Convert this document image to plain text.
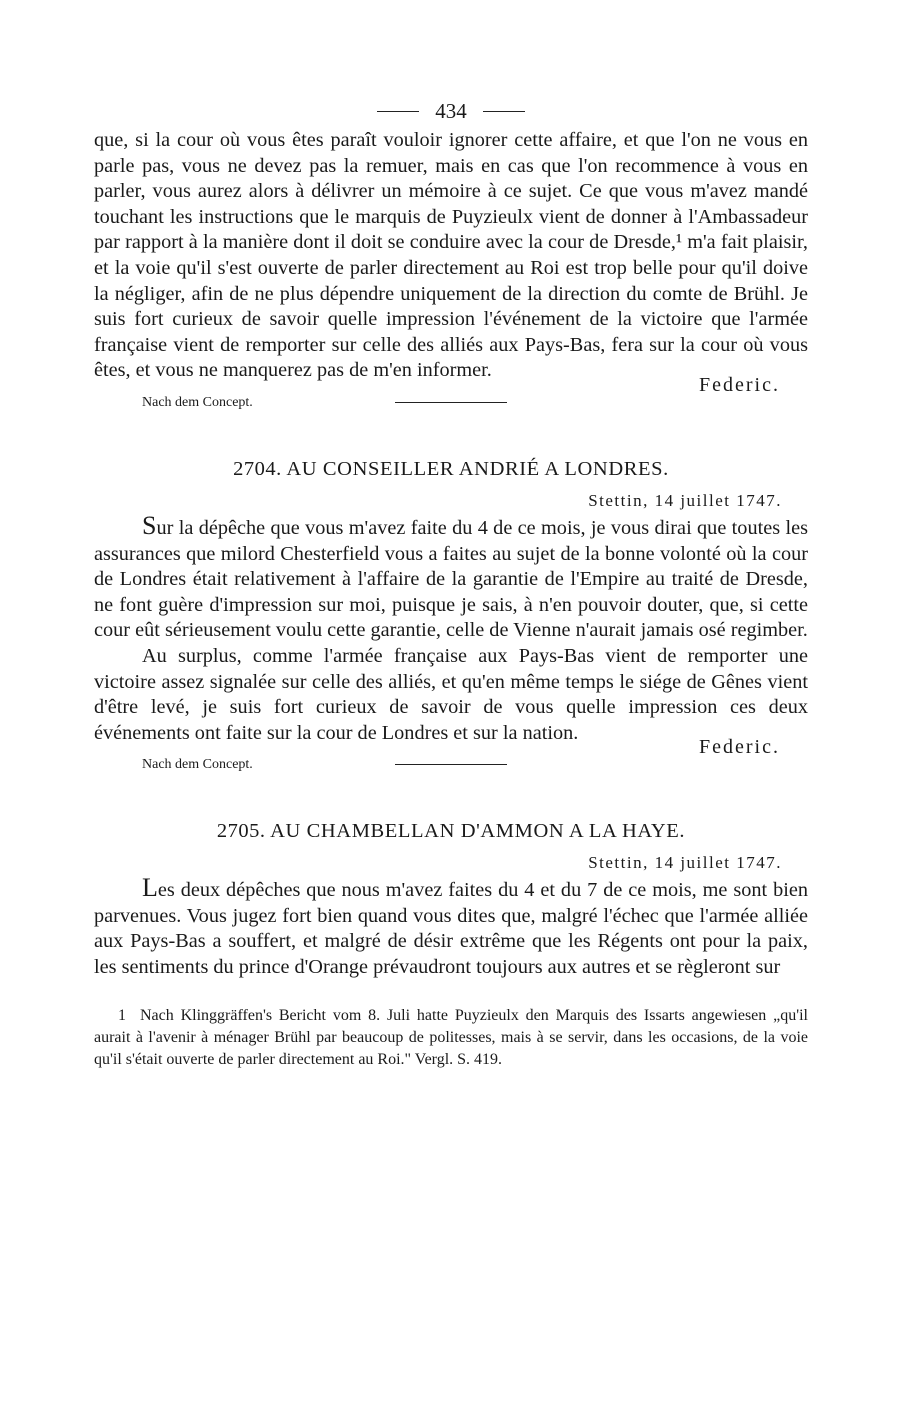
434

que, si la cour où vous êtes paraît vouloir ignorer cette affaire, et que l'on ne vous en parle pas, vous ne devez pas la remuer, mais en cas que l'on recommence à vous en parler, vous aurez alors à délivrer un mémoire à ce sujet. Ce que vous m'avez mandé touchant les instructions que le marquis de Puyzieulx vient de donner à l'Ambassadeur par rapport à la manière dont il doit se conduire avec la cour de Dresde,¹ m'a fait plaisir, et la voie qu'il s'est ouverte de parler directement au Roi est trop belle pour qu'il doive la négliger, afin de ne plus dépendre uniquement de la direction du comte de Brühl. Je suis fort curieux de savoir quelle impression l'événement de la victoire que l'armée française vient de remporter sur celle des alliés aux Pays-Bas, fera sur la cour où vous êtes, et vous ne manquerez pas de m'en informer.

Federic.
Nach dem Concept.
2704. AU CONSEILLER ANDRIÉ A LONDRES.
Stettin, 14 juillet 1747.

Sur la dépêche que vous m'avez faite du 4 de ce mois, je vous dirai que toutes les assurances que milord Chesterfield vous a faites au sujet de la bonne volonté où la cour de Londres était relativement à l'affaire de la garantie de l'Empire au traité de Dresde, ne font guère d'impression sur moi, puisque je sais, à n'en pouvoir douter, que, si cette cour eût sérieusement voulu cette garantie, celle de Vienne n'aurait jamais osé regimber.

Au surplus, comme l'armée française aux Pays-Bas vient de remporter une victoire assez signalée sur celle des alliés, et qu'en même temps le siége de Gênes vient d'être levé, je suis fort curieux de savoir de vous quelle impression ces deux événements ont faite sur la cour de Londres et sur la nation.

Federic.
Nach dem Concept.
2705. AU CHAMBELLAN D'AMMON A LA HAYE.
Stettin, 14 juillet 1747.

Les deux dépêches que nous m'avez faites du 4 et du 7 de ce mois, me sont bien parvenues. Vous jugez fort bien quand vous dites que, malgré l'échec que l'armée alliée aux Pays-Bas a souffert, et malgré de désir extrême que les Régents ont pour la paix, les sentiments du prince d'Orange prévaudront toujours aux autres et se règleront sur

1 Nach Klinggräffen's Bericht vom 8. Juli hatte Puyzieulx den Marquis des Issarts angewiesen „qu'il aurait à l'avenir à ménager Brühl par beaucoup de politesses, mais à se servir, dans les occasions, de la voie qu'il s'était ouverte de parler directement au Roi." Vergl. S. 419.
